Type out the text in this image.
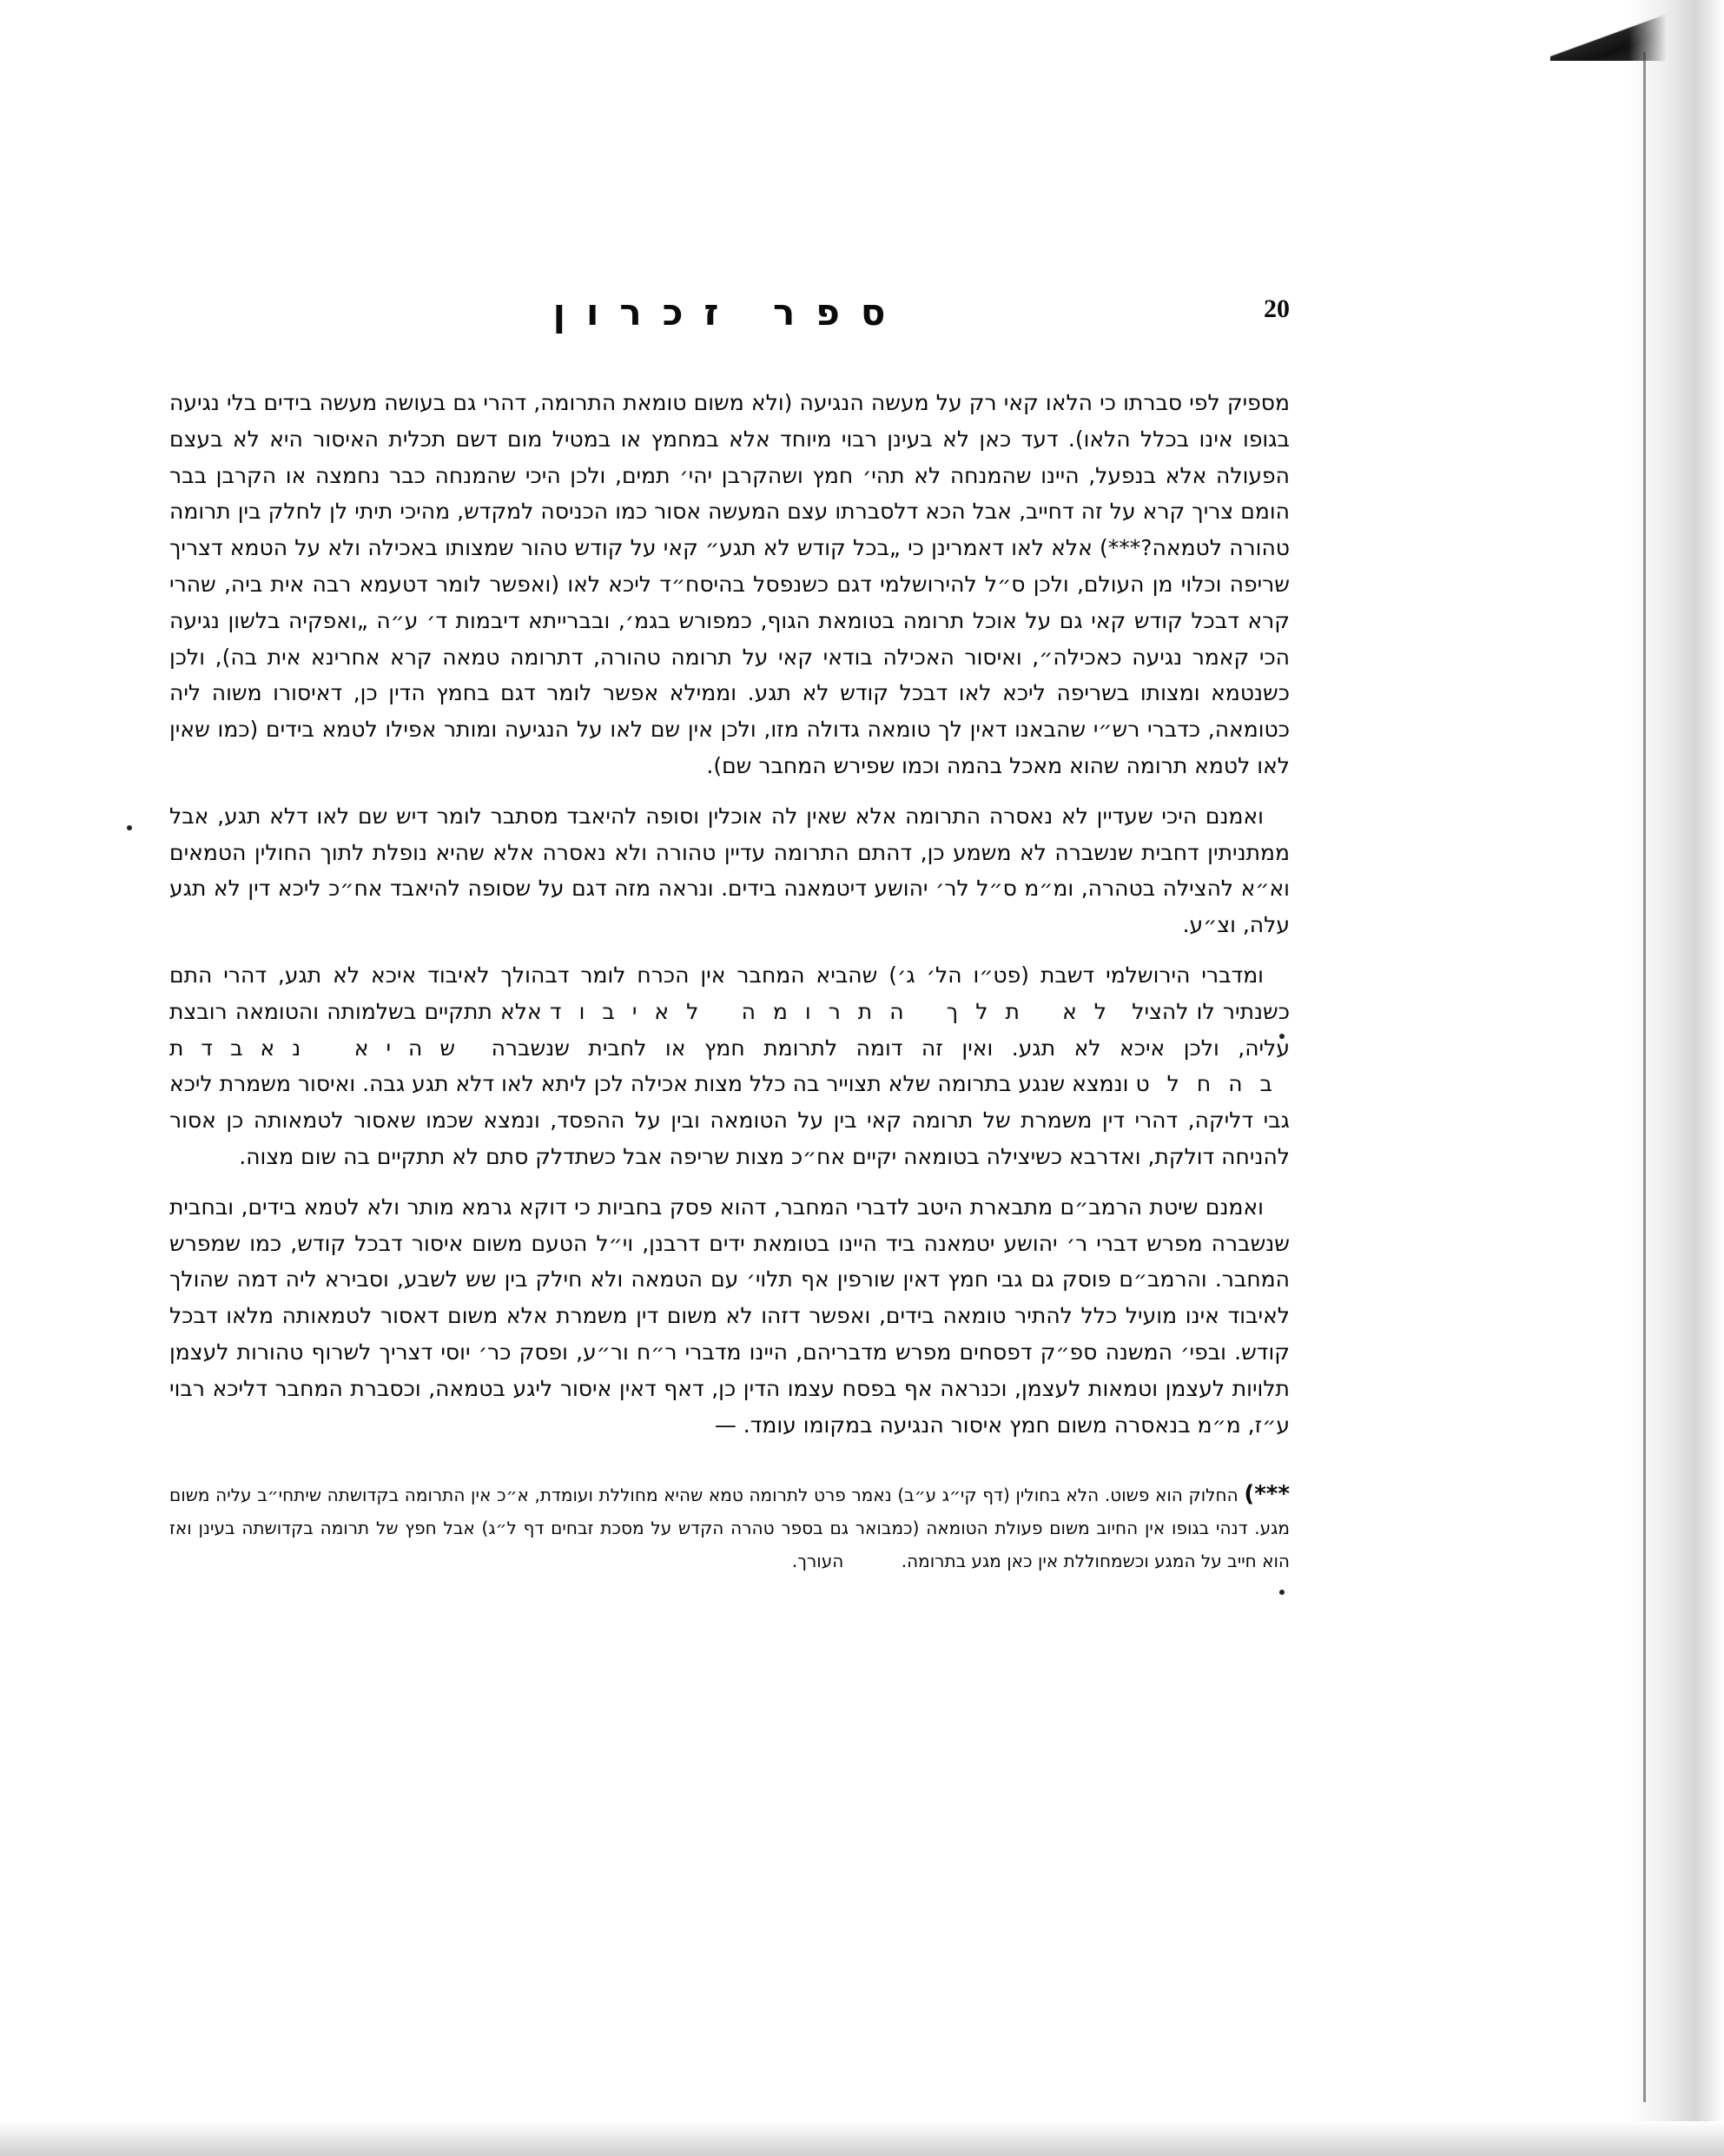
ספר זכרון	20

מספיק לפי סברתו כי הלאו קאי רק על מעשה הנגיעה (ולא משום טומאת התרומה, דהרי גם בעושה מעשה בידים בלי נגיעה בגופו אינו בכלל הלאו). דעד כאן לא בעינן רבוי מיוחד אלא במחמץ או במטיל מום דשם תכלית האיסור היא לא בעצם הפעולה אלא בנפעל, היינו שהמנחה לא תהי׳ חמץ ושהקרבן יהי׳ תמים, ולכן היכי שהמנחה כבר נחמצה או הקרבן בבר הומם צריך קרא על זה דחייב, אבל הכא דלסברתו עצם המעשה אסור כמו הכניסה למקדש, מהיכי תיתי לן לחלק בין תרומה טהורה לטמאה?***) אלא לאו דאמרינן כי „בכל קודש לא תגע״ קאי על קודש טהור שמצותו באכילה ולא על הטמא דצריך שריפה וכלוי מן העולם, ולכן ס״ל להירושלמי דגם כשנפסל בהיסח״ד ליכא לאו (ואפשר לומר דטעמא רבה אית ביה, שהרי קרא דבכל קודש קאי גם על אוכל תרומה בטומאת הגוף, כמפורש בגמ׳, ובברייתא דיבמות ד׳ ע״ה „ואפקיה בלשון נגיעה הכי קאמר נגיעה כאכילה״, ואיסור האכילה בודאי קאי על תרומה טהורה, דתרומה טמאה קרא אחרינא אית בה), ולכן כשנטמא ומצותו בשריפה ליכא לאו דבכל קודש לא תגע. וממילא אפשר לומר דגם בחמץ הדין כן, דאיסורו משוה ליה כטומאה, כדברי רש״י שהבאנו דאין לך טומאה גדולה מזו, ולכן אין שם לאו על הנגיעה ומותר אפילו לטמא בידים (כמו שאין לאו לטמא תרומה שהוא מאכל בהמה וכמו שפירש המחבר שם).

ואמנם היכי שעדיין לא נאסרה התרומה אלא שאין לה אוכלין וסופה להיאבד מסתבר לומר דיש שם לאו דלא תגע, אבל ממתניתין דחבית שנשברה לא משמע כן, דהתם התרומה עדיין טהורה ולא נאסרה אלא שהיא נופלת לתוך החולין הטמאים וא״א להצילה בטהרה, ומ״מ ס״ל לר׳ יהושע דיטמאנה בידים. ונראה מזה דגם על שסופה להיאבד אח״כ ליכא דין לא תגע עלה, וצ״ע.

ומדברי הירושלמי דשבת (פט״ו הל׳ ג׳) שהביא המחבר אין הכרח לומר דבהולך לאיבוד איכא לא תגע, דהרי התם כשנתיר לו להציל לא תלך התרומה לאיבוד אלא תתקיים בשלמותה והטומאה רובצת עליה, ולכן איכא לא תגע. ואין זה דומה לתרומת חמץ או לחבית שנשברה שהיא נאבדת בהחלט ונמצא שנגע בתרומה שלא תצוייר בה כלל מצות אכילה לכן ליתא לאו דלא תגע גבה. ואיסור משמרת ליכא גבי דליקה, דהרי דין משמרת של תרומה קאי בין על הטומאה ובין על ההפסד, ונמצא שכמו שאסור לטמאותה כן אסור להניחה דולקת, ואדרבא כשיצילה בטומאה יקיים אח״כ מצות שריפה אבל כשתדלק סתם לא תתקיים בה שום מצוה.

ואמנם שיטת הרמב״ם מתבארת היטב לדברי המחבר, דהוא פסק בחביות כי דוקא גרמא מותר ולא לטמא בידים, ובחבית שנשברה מפרש דברי ר׳ יהושע יטמאנה ביד היינו בטומאת ידים דרבנן, וי״ל הטעם משום איסור דבכל קודש, כמו שמפרש המחבר. והרמב״ם פוסק גם גבי חמץ דאין שורפין אף תלוי׳ עם הטמאה ולא חילק בין שש לשבע, וסבירא ליה דמה שהולך לאיבוד אינו מועיל כלל להתיר טומאה בידים, ואפשר דזהו לא משום דין משמרת אלא משום דאסור לטמאותה מלאו דבכל קודש. ובפי׳ המשנה ספ״ק דפסחים מפרש מדבריהם, היינו מדברי ר״ח ור״ע, ופסק כר׳ יוסי דצריך לשרוף טהורות לעצמן תלויות לעצמן וטמאות לעצמן, וכנראה אף בפסח עצמו הדין כן, דאף דאין איסור ליגע בטמאה, וכסברת המחבר דליכא רבוי ע״ז, מ״מ בנאסרה משום חמץ איסור הנגיעה במקומו עומד. —

***) החלוק הוא פשוט. הלא בחולין (דף קי״ג ע״ב) נאמר פרט לתרומה טמא שהיא מחוללת ועומדת, א״כ אין התרומה בקדושתה שיתחי״ב עליה משום מגע. דנהי בגופו אין החיוב משום פעולת הטומאה (כמבואר גם בספר טהרה הקדש על מסכת זבחים דף ל״ג) אבל חפץ של תרומה בקדושתה בעינן ואז הוא חייב על המגע וכשמחוללת אין כאן מגע בתרומה. העורך.
